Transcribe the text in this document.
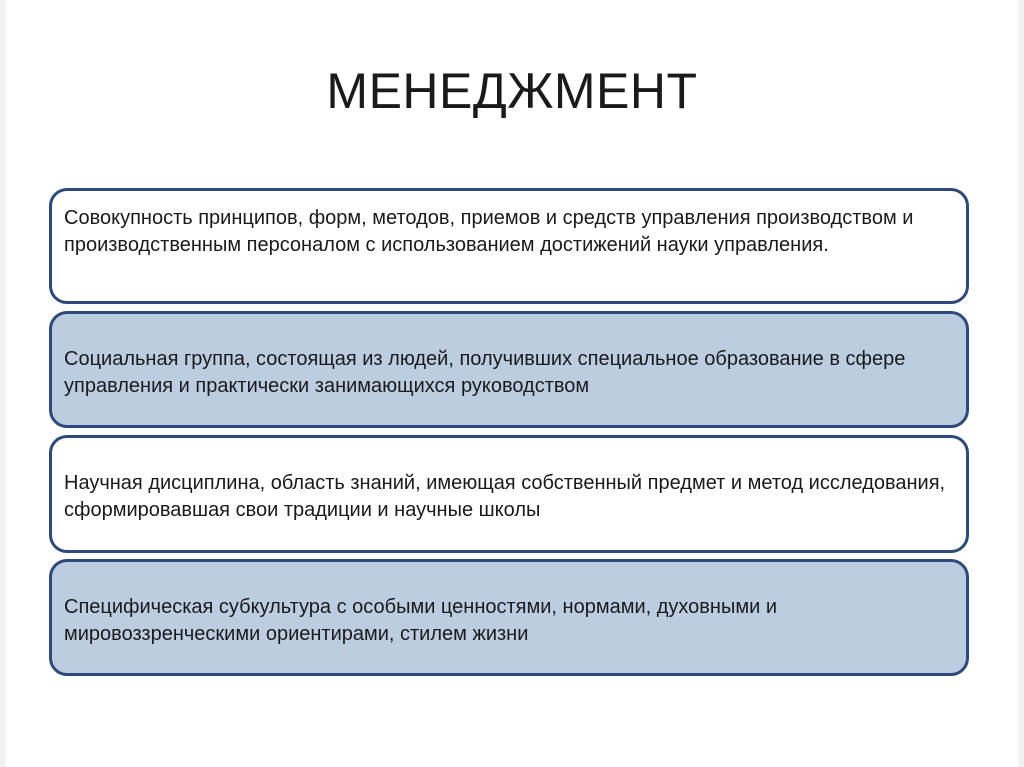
МЕНЕДЖМЕНТ
Совокупность принципов, форм, методов, приемов и средств управления производством и производственным персоналом с использованием достижений науки управления.
Социальная группа, состоящая из людей, получивших специальное образование в сфере управления и практически занимающихся руководством
Научная дисциплина, область знаний, имеющая собственный предмет и метод исследования, сформировавшая свои традиции и научные школы
Специфическая субкультура с особыми ценностями, нормами, духовными и мировоззренческими ориентирами, стилем жизни
